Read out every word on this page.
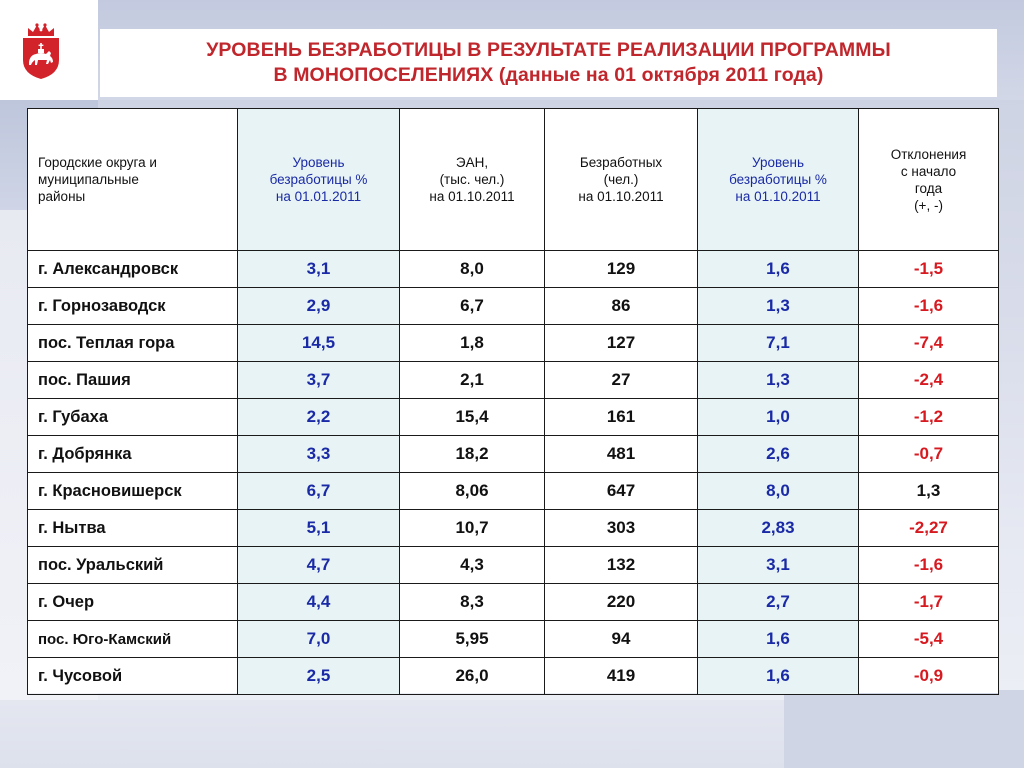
УРОВЕНЬ БЕЗРАБОТИЦЫ В РЕЗУЛЬТАТЕ РЕАЛИЗАЦИИ ПРОГРАММЫ
В МОНОПОСЕЛЕНИЯХ (данные на 01 октября 2011 года)
Городские округа и
муниципальные
районы	Уровень
безработицы %
на 01.01.2011	ЭАН,
(тыс. чел.)
на 01.10.2011	Безработных
(чел.)
на 01.10.2011	Уровень
безработицы %
на 01.10.2011	Отклонения
с начало
года
(+, -)
г. Александровск	3,1	8,0	129	1,6	-1,5
г. Горнозаводск	2,9	6,7	86	1,3	-1,6
пос. Теплая гора	14,5	1,8	127	7,1	-7,4
пос. Пашия	3,7	2,1	27	1,3	-2,4
г. Губаха	2,2	15,4	161	1,0	-1,2
г. Добрянка	3,3	18,2	481	2,6	-0,7
г. Красновишерск	6,7	8,06	647	8,0	1,3
г. Нытва	5,1	10,7	303	2,83	-2,27
пос. Уральский	4,7	4,3	132	3,1	-1,6
г. Очер	4,4	8,3	220	2,7	-1,7
пос. Юго-Камский	7,0	5,95	94	1,6	-5,4
г. Чусовой	2,5	26,0	419	1,6	-0,9
